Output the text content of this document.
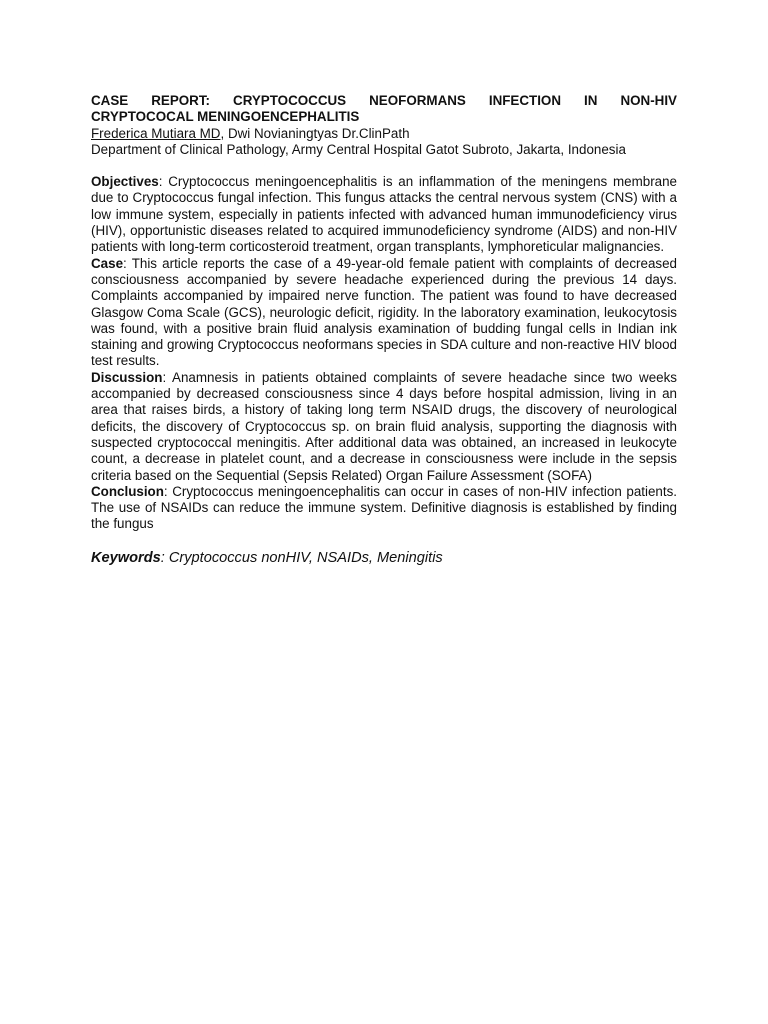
CASE REPORT: CRYPTOCOCCUS NEOFORMANS INFECTION IN NON-HIV
CRYPTOCOCAL MENINGOENCEPHALITIS

Frederica Mutiara MD, Dwi Novianingtyas Dr.ClinPath

Department of Clinical Pathology, Army Central Hospital Gatot Subroto, Jakarta, Indonesia

Objectives: Cryptococcus meningoencephalitis is an inflammation of the meningens membrane due to Cryptococcus fungal infection. This fungus attacks the central nervous system (CNS) with a low immune system, especially in patients infected with advanced human immunodeficiency virus (HIV), opportunistic diseases related to acquired immunodeficiency syndrome (AIDS) and non-HIV patients with long-term corticosteroid treatment, organ transplants, lymphoreticular malignancies.

Case: This article reports the case of a 49-year-old female patient with complaints of decreased consciousness accompanied by severe headache experienced during the previous 14 days. Complaints accompanied by impaired nerve function. The patient was found to have decreased Glasgow Coma Scale (GCS), neurologic deficit, rigidity. In the laboratory examination, leukocytosis was found, with a positive brain fluid analysis examination of budding fungal cells in Indian ink staining and growing Cryptococcus neoformans species in SDA culture and non-reactive HIV blood test results.

Discussion: Anamnesis in patients obtained complaints of severe headache since two weeks accompanied by decreased consciousness since 4 days before hospital admission, living in an area that raises birds, a history of taking long term NSAID drugs, the discovery of neurological deficits, the discovery of Cryptococcus sp. on brain fluid analysis, supporting the diagnosis with suspected cryptococcal meningitis. After additional data was obtained, an increased in leukocyte count, a decrease in platelet count, and a decrease in consciousness were include in the sepsis criteria based on the Sequential (Sepsis Related) Organ Failure Assessment (SOFA)

Conclusion: Cryptococcus meningoencephalitis can occur in cases of non-HIV infection patients. The use of NSAIDs can reduce the immune system. Definitive diagnosis is established by finding the fungus

Keywords: Cryptococcus nonHIV, NSAIDs, Meningitis
